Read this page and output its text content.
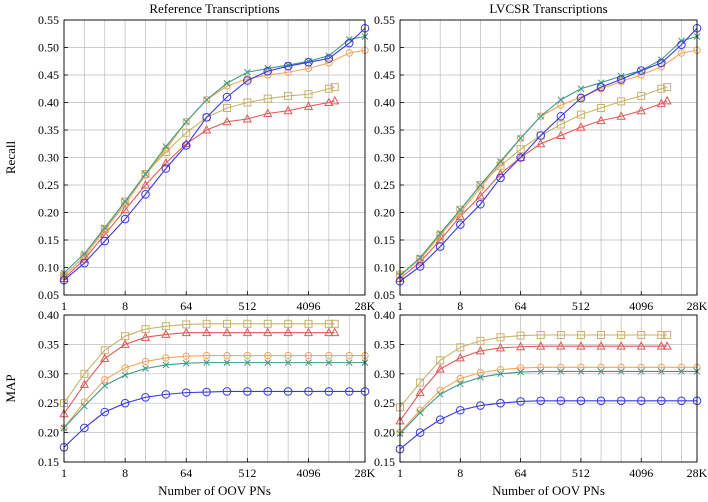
0.05
0.10
0.15
0.20
0.25
0.30
0.35
0.40
0.45
0.50
0.55
1	8	64	512	4096	28K
Reference Transcriptions
Recall
0.05
0.10
0.15
0.20
0.25
0.30
0.35
0.40
0.45
0.50
0.55
1	8	64	512	4096	28K
LVCSR Transcriptions
0.15
0.20
0.25
0.30
0.35
0.40
1	8	64	512	4096	28K
Number of OOV PNs
MAP
0.15
0.20
0.25
0.30
0.35
0.40
1	8	64	512	4096	28K
Number of OOV PNs
